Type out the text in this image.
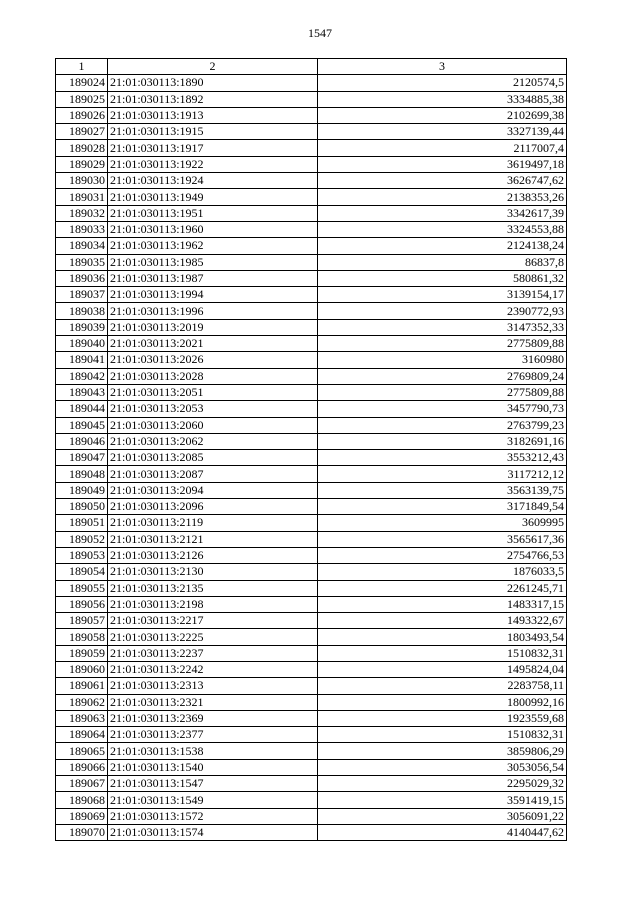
1547
1	2	3
189024	21:01:030113:1890	2120574,5
189025	21:01:030113:1892	3334885,38
189026	21:01:030113:1913	2102699,38
189027	21:01:030113:1915	3327139,44
189028	21:01:030113:1917	2117007,4
189029	21:01:030113:1922	3619497,18
189030	21:01:030113:1924	3626747,62
189031	21:01:030113:1949	2138353,26
189032	21:01:030113:1951	3342617,39
189033	21:01:030113:1960	3324553,88
189034	21:01:030113:1962	2124138,24
189035	21:01:030113:1985	86837,8
189036	21:01:030113:1987	580861,32
189037	21:01:030113:1994	3139154,17
189038	21:01:030113:1996	2390772,93
189039	21:01:030113:2019	3147352,33
189040	21:01:030113:2021	2775809,88
189041	21:01:030113:2026	3160980
189042	21:01:030113:2028	2769809,24
189043	21:01:030113:2051	2775809,88
189044	21:01:030113:2053	3457790,73
189045	21:01:030113:2060	2763799,23
189046	21:01:030113:2062	3182691,16
189047	21:01:030113:2085	3553212,43
189048	21:01:030113:2087	3117212,12
189049	21:01:030113:2094	3563139,75
189050	21:01:030113:2096	3171849,54
189051	21:01:030113:2119	3609995
189052	21:01:030113:2121	3565617,36
189053	21:01:030113:2126	2754766,53
189054	21:01:030113:2130	1876033,5
189055	21:01:030113:2135	2261245,71
189056	21:01:030113:2198	1483317,15
189057	21:01:030113:2217	1493322,67
189058	21:01:030113:2225	1803493,54
189059	21:01:030113:2237	1510832,31
189060	21:01:030113:2242	1495824,04
189061	21:01:030113:2313	2283758,11
189062	21:01:030113:2321	1800992,16
189063	21:01:030113:2369	1923559,68
189064	21:01:030113:2377	1510832,31
189065	21:01:030113:1538	3859806,29
189066	21:01:030113:1540	3053056,54
189067	21:01:030113:1547	2295029,32
189068	21:01:030113:1549	3591419,15
189069	21:01:030113:1572	3056091,22
189070	21:01:030113:1574	4140447,62
